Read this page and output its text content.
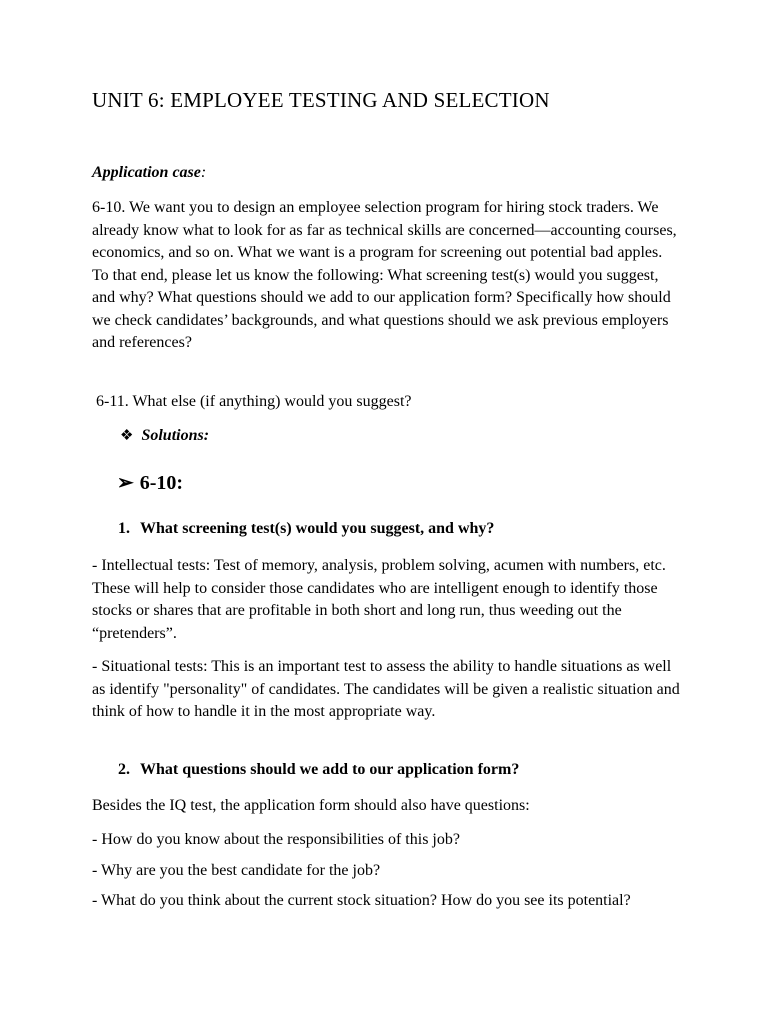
UNIT 6: EMPLOYEE TESTING AND SELECTION
Application case:

6-10. We want you to design an employee selection program for hiring stock traders. We already know what to look for as far as technical skills are concerned—accounting courses, economics, and so on. What we want is a program for screening out potential bad apples. To that end, please let us know the following: What screening test(s) would you suggest, and why? What questions should we add to our application form? Specifically how should we check candidates’ backgrounds, and what questions should we ask previous employers and references?

6-11. What else (if anything) would you suggest?

❖ Solutions:
➢ 6-10:
1. What screening test(s) would you suggest, and why?

- Intellectual tests: Test of memory, analysis, problem solving, acumen with numbers, etc. These will help to consider those candidates who are intelligent enough to identify those stocks or shares that are profitable in both short and long run, thus weeding out the “pretenders”.

- Situational tests: This is an important test to assess the ability to handle situations as well as identify "personality" of candidates. The candidates will be given a realistic situation and think of how to handle it in the most appropriate way.

2. What questions should we add to our application form?

Besides the IQ test, the application form should also have questions:

- How do you know about the responsibilities of this job?

- Why are you the best candidate for the job?

- What do you think about the current stock situation? How do you see its potential?
